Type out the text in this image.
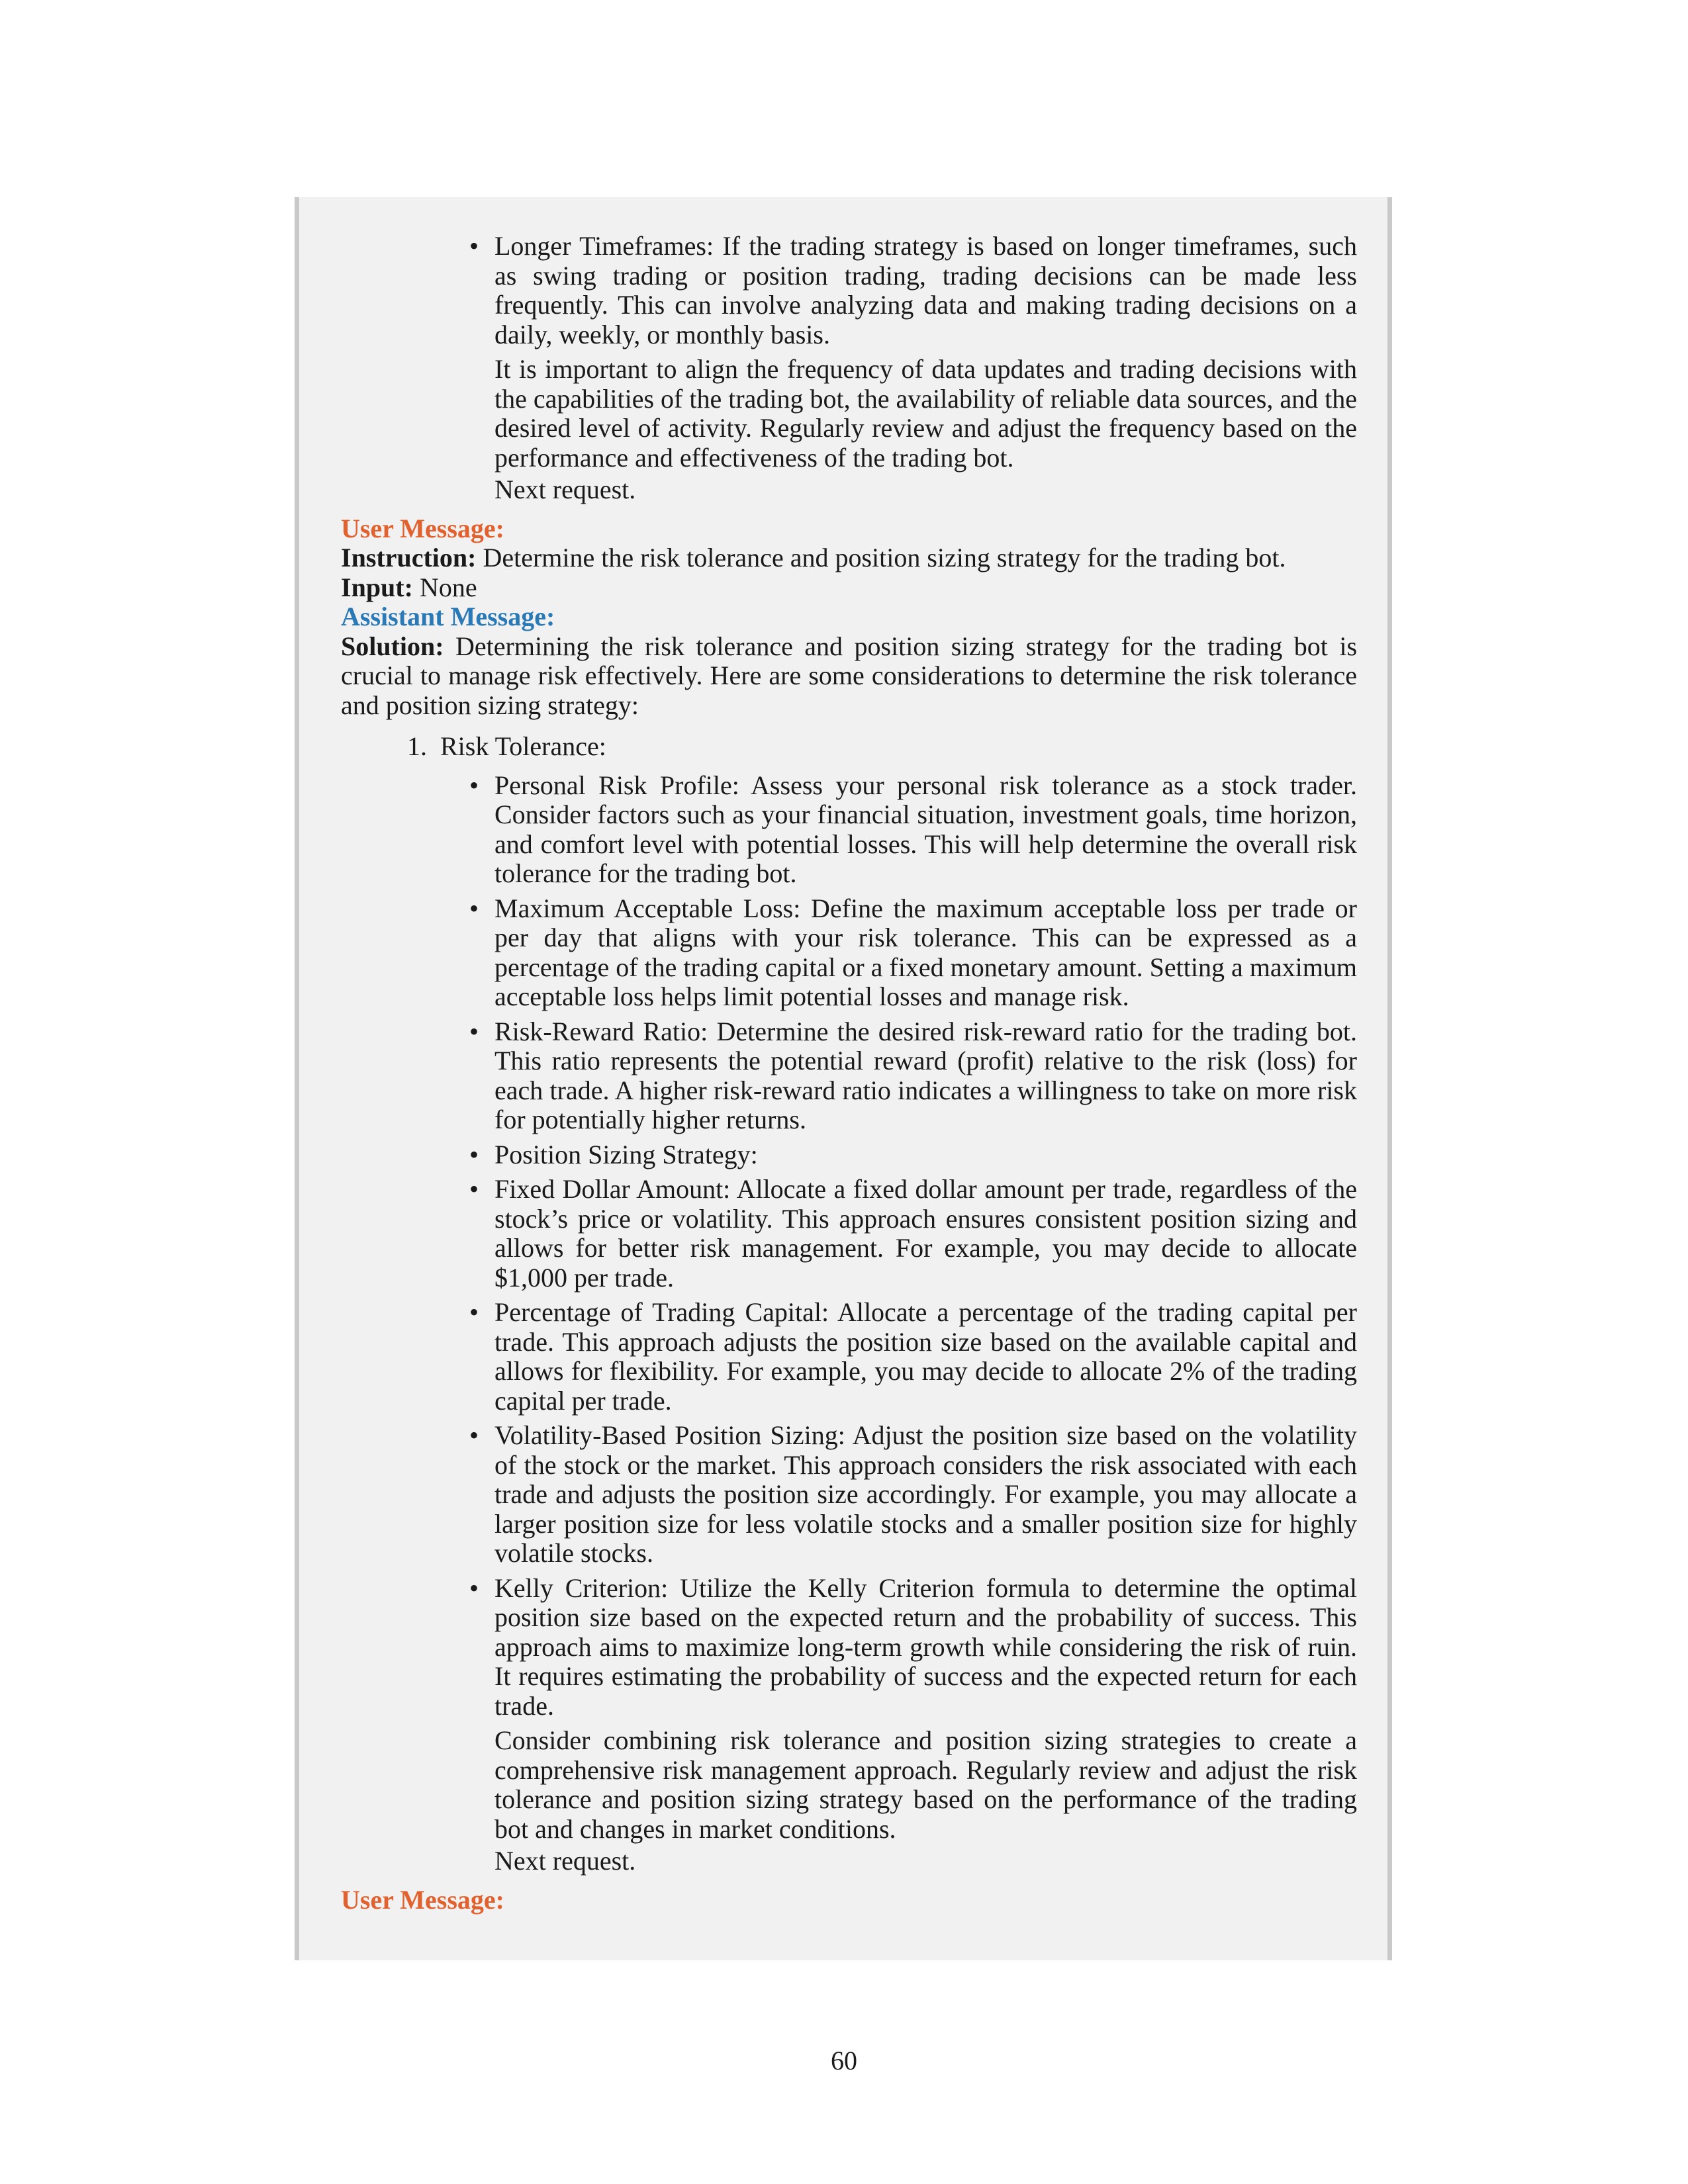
• Longer Timeframes: If the trading strategy is based on longer timeframes, such as swing trading or position trading, trading decisions can be made less frequently. This can involve analyzing data and making trading decisions on a daily, weekly, or monthly basis.

It is important to align the frequency of data updates and trading decisions with the capabilities of the trading bot, the availability of reliable data sources, and the desired level of activity. Regularly review and adjust the frequency based on the performance and effectiveness of the trading bot.

Next request.

User Message:

Instruction: Determine the risk tolerance and position sizing strategy for the trading bot.

Input: None

Assistant Message:

Solution: Determining the risk tolerance and position sizing strategy for the trading bot is crucial to manage risk effectively. Here are some considerations to determine the risk tolerance and position sizing strategy:

1. Risk Tolerance:
• Personal Risk Profile: Assess your personal risk tolerance as a stock trader. Consider factors such as your financial situation, investment goals, time horizon, and comfort level with potential losses. This will help determine the overall risk tolerance for the trading bot.
• Maximum Acceptable Loss: Define the maximum acceptable loss per trade or per day that aligns with your risk tolerance. This can be expressed as a percentage of the trading capital or a fixed monetary amount. Setting a maximum acceptable loss helps limit potential losses and manage risk.
• Risk-Reward Ratio: Determine the desired risk-reward ratio for the trading bot. This ratio represents the potential reward (profit) relative to the risk (loss) for each trade. A higher risk-reward ratio indicates a willingness to take on more risk for potentially higher returns.
• Position Sizing Strategy:
• Fixed Dollar Amount: Allocate a fixed dollar amount per trade, regardless of the stock’s price or volatility. This approach ensures consistent position sizing and allows for better risk management. For example, you may decide to allocate $1,000 per trade.
• Percentage of Trading Capital: Allocate a percentage of the trading capital per trade. This approach adjusts the position size based on the available capital and allows for flexibility. For example, you may decide to allocate 2% of the trading capital per trade.
• Volatility-Based Position Sizing: Adjust the position size based on the volatility of the stock or the market. This approach considers the risk associated with each trade and adjusts the position size accordingly. For example, you may allocate a larger position size for less volatile stocks and a smaller position size for highly volatile stocks.
• Kelly Criterion: Utilize the Kelly Criterion formula to determine the optimal position size based on the expected return and the probability of success. This approach aims to maximize long-term growth while considering the risk of ruin. It requires estimating the probability of success and the expected return for each trade.

Consider combining risk tolerance and position sizing strategies to create a comprehensive risk management approach. Regularly review and adjust the risk tolerance and position sizing strategy based on the performance of the trading bot and changes in market conditions.

Next request.

User Message:

60
